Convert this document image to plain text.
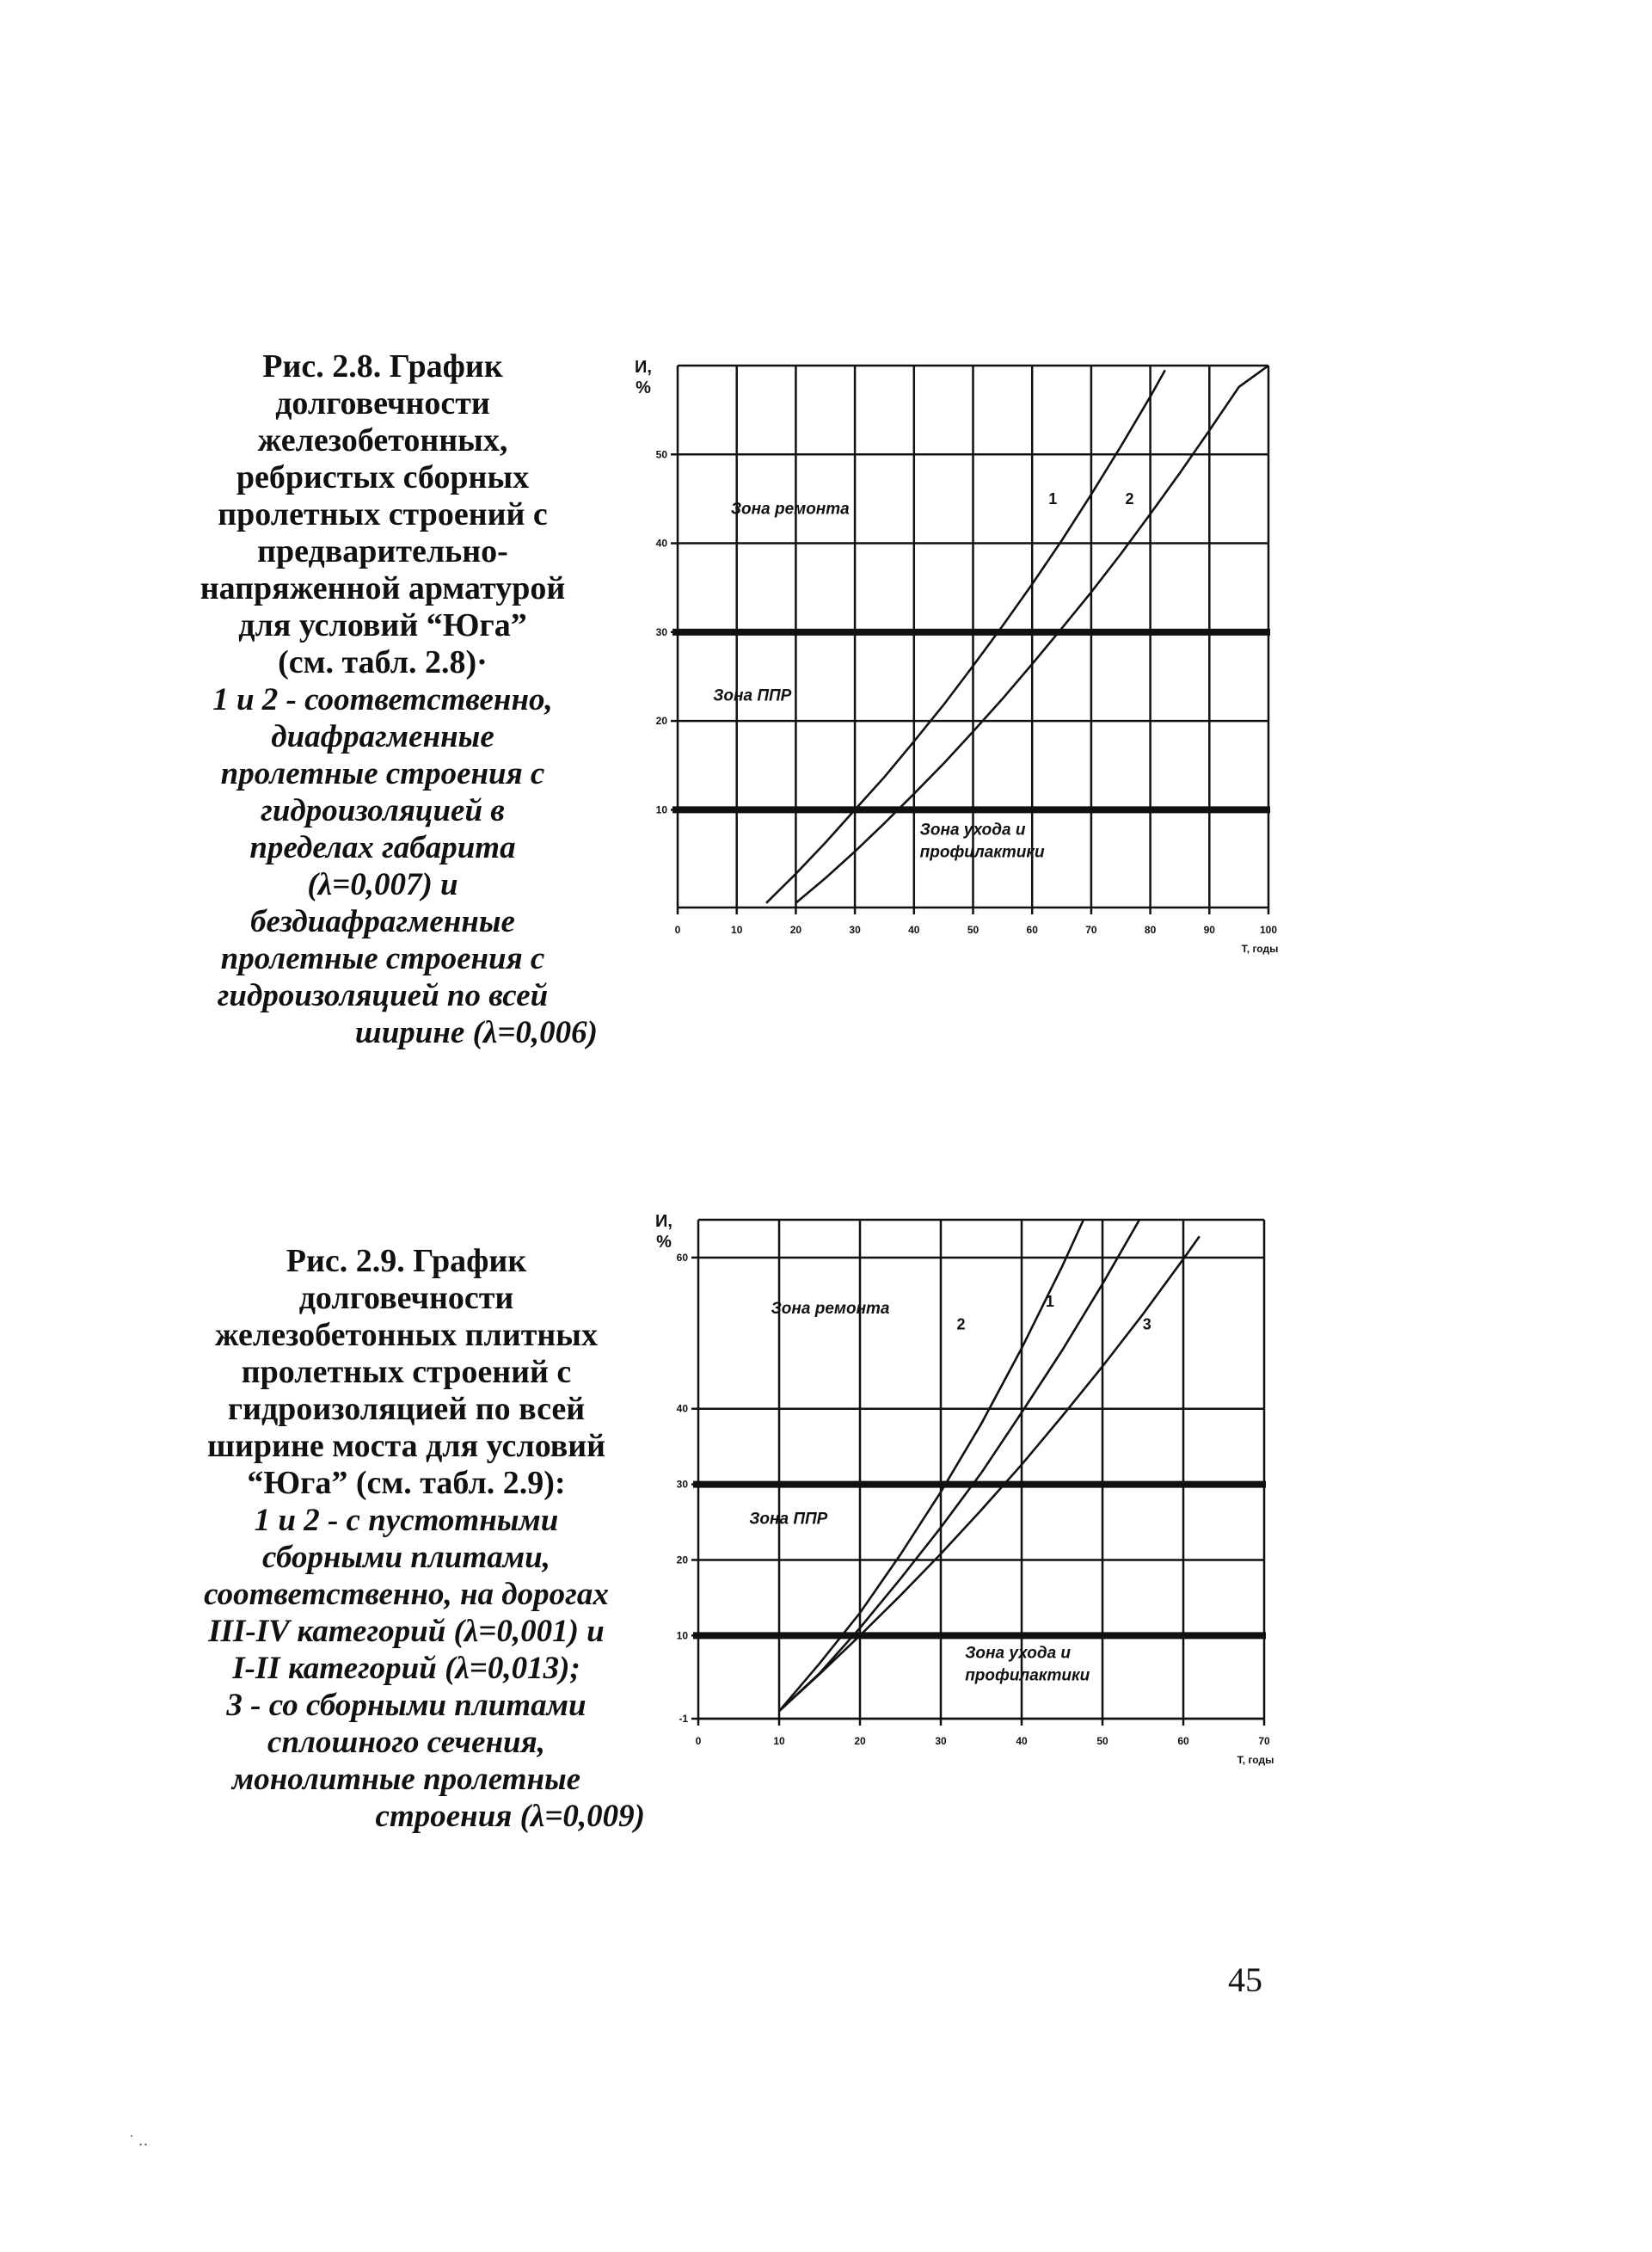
Рис. 2.8. График
долговечности
железобетонных,
ребристых сборных
пролетных строений с
предварительно-
напряженной арматурой
для условий “Юга”
(см. табл. 2.8)·
1 и 2 - соответственно,
диафрагменные
пролетные строения с
гидроизоляцией в
пределах габарита
(λ=0,007) и
бездиафрагменные
пролетные строения с
гидроизоляцией по всей
ширине (λ=0,006)
Рис. 2.9. График
долговечности
железобетонных плитных
пролетных строений с
гидроизоляцией по всей
ширине моста для условий
“Юга” (см. табл. 2.9):
1 и 2 - с пустотными
сборными плитами,
соответственно, на дорогах
III-IV категорий (λ=0,001) и
I-II категорий (λ=0,013);
3 - со сборными плитами
сплошного сечения,
монолитные пролетные
строения (λ=0,009)
0	10	20	30	40	50	60	70	80	90	100
10
20
30
40
50
И,
%
Т, годы
1	2
Зона ремонта
Зона ППР
Зона ухода и
профилактики
0	10	20	30	40	50	60	70
-1
10
20
30
40
60
И,
%
Т, годы
1
2	3
Зона ремонта
Зона ППР
Зона ухода и
профилактики
45
˙ ‥
